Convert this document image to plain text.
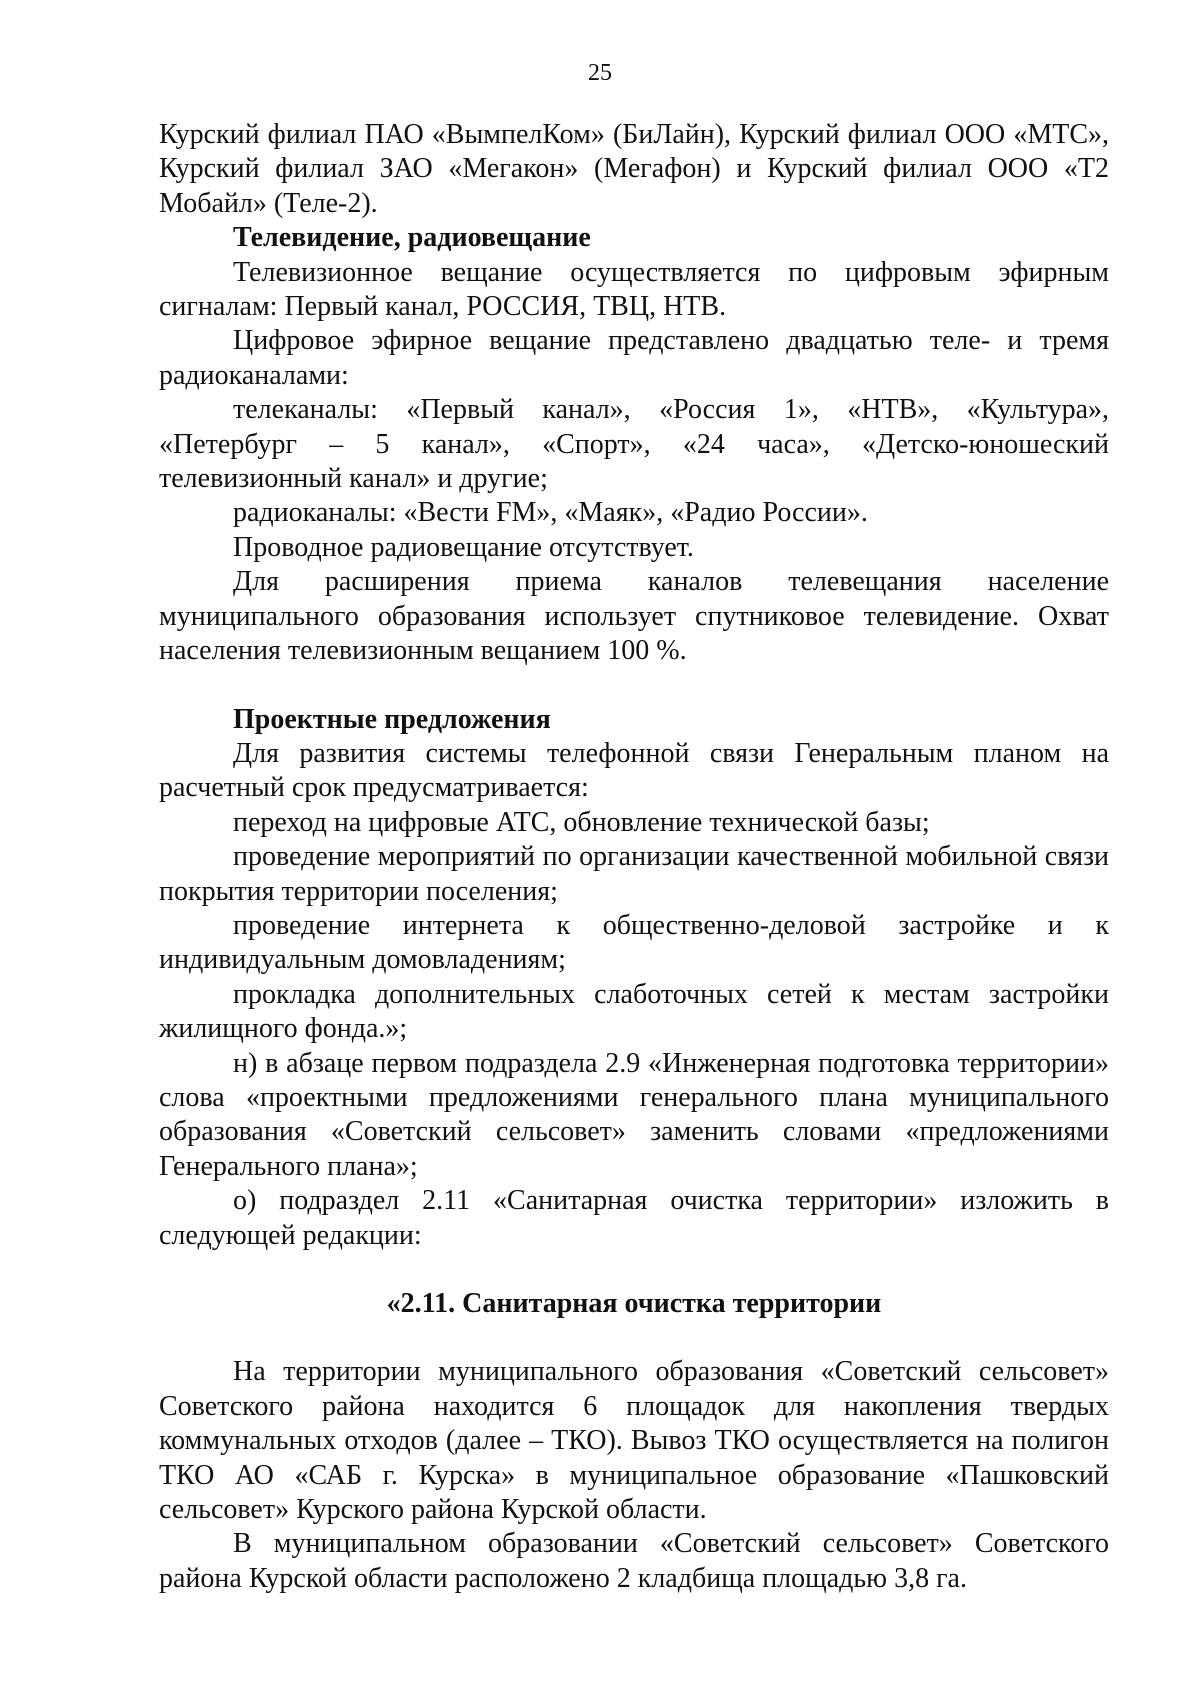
25

Курский филиал ПАО «ВымпелКом» (БиЛайн), Курский филиал ООО «МТС», Курский филиал ЗАО «Мегакон» (Мегафон) и Курский филиал ООО «Т2 Мобайл» (Теле-2).

Телевидение, радиовещание

Телевизионное вещание осуществляется по цифровым эфирным сигналам: Первый канал, РОССИЯ, ТВЦ, НТВ.

Цифровое эфирное вещание представлено двадцатью теле- и тремя радиоканалами:

телеканалы: «Первый канал», «Россия 1», «НТВ», «Культура», «Петербург – 5 канал», «Спорт», «24 часа», «Детско-юношеский телевизионный канал» и другие;

радиоканалы: «Вести FM», «Маяк», «Радио России».

Проводное радиовещание отсутствует.

Для расширения приема каналов телевещания население муниципального образования использует спутниковое телевидение. Охват населения телевизионным вещанием 100 %.

Проектные предложения

Для развития системы телефонной связи Генеральным планом на расчетный срок предусматривается:

переход на цифровые АТС, обновление технической базы;

проведение мероприятий по организации качественной мобильной связи покрытия территории поселения;

проведение интернета к общественно-деловой застройке и к индивидуальным домовладениям;

прокладка дополнительных слаботочных сетей к местам застройки жилищного фонда.»;

н) в абзаце первом подраздела 2.9 «Инженерная подготовка территории» слова «проектными предложениями генерального плана муниципального образования «Советский сельсовет» заменить словами «предложениями Генерального плана»;

о) подраздел 2.11 «Санитарная очистка территории» изложить в следующей редакции:

«2.11. Санитарная очистка территории

На территории муниципального образования «Советский сельсовет» Советского района находится 6 площадок для накопления твердых коммунальных отходов (далее – ТКО). Вывоз ТКО осуществляется на полигон ТКО АО «САБ г. Курска» в муниципальное образование «Пашковский сельсовет» Курского района Курской области.

В муниципальном образовании «Советский сельсовет» Советского района Курской области расположено 2 кладбища площадью 3,8 га.
